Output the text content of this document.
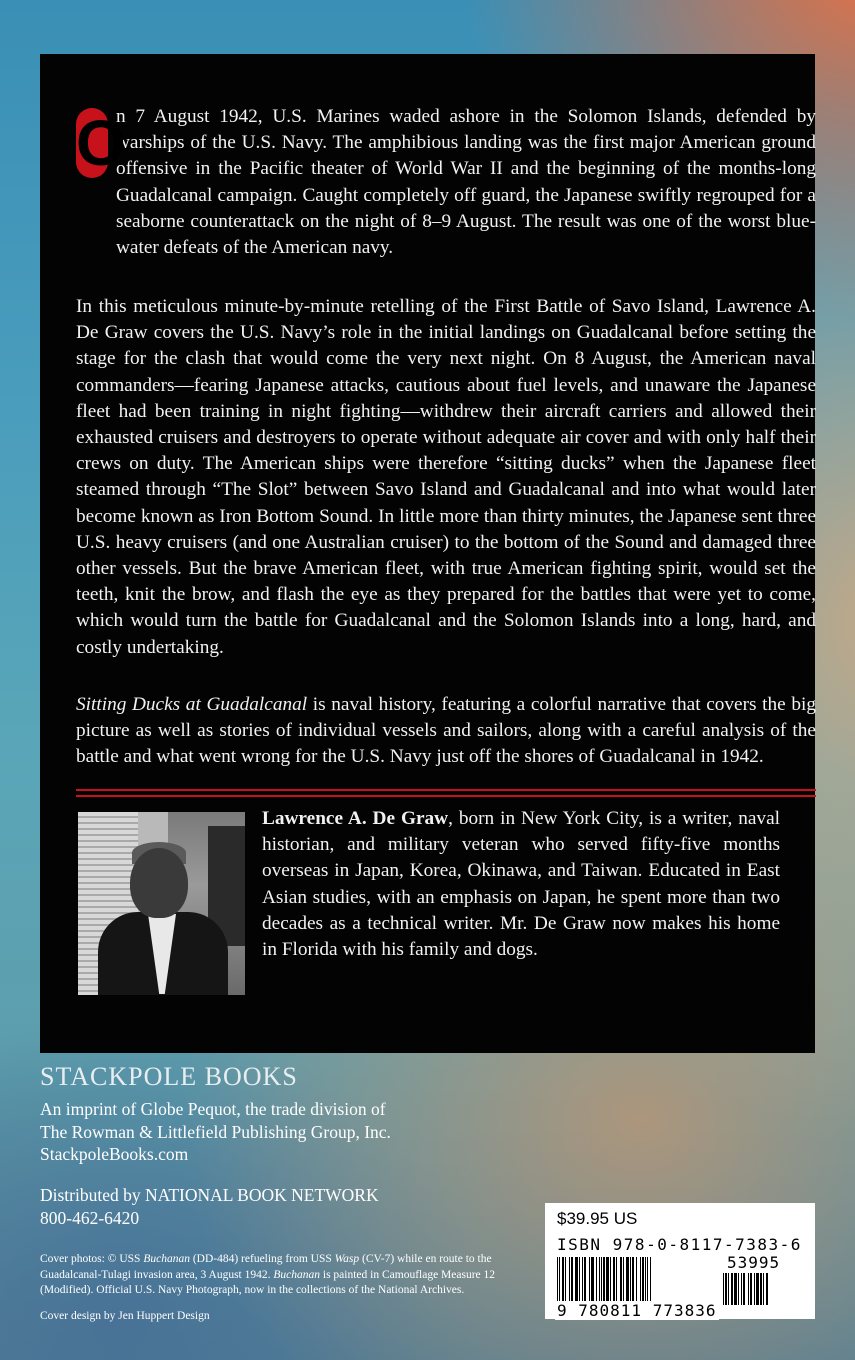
O
n 7 August 1942, U.S. Marines waded ashore in the Solomon Islands, defended by warships of the U.S. Navy. The amphibious landing was the first major American ground offensive in the Pacific theater of World War II and the beginning of the months-long Guadalcanal campaign. Caught completely off guard, the Japanese swiftly regrouped for a seaborne counterattack on the night of 8–9 August. The result was one of the worst blue-water defeats of the American navy.
In this meticulous minute-by-minute retelling of the First Battle of Savo Island, Lawrence A. De Graw covers the U.S. Navy’s role in the initial landings on Guadalcanal before setting the stage for the clash that would come the very next night. On 8 August, the American naval commanders—fearing Japanese attacks, cautious about fuel levels, and unaware the Japanese fleet had been training in night fighting—withdrew their aircraft carriers and allowed their exhausted cruisers and destroyers to operate without adequate air cover and with only half their crews on duty. The American ships were therefore “sitting ducks” when the Japanese fleet steamed through “The Slot” between Savo Island and Guadalcanal and into what would later become known as Iron Bottom Sound. In little more than thirty minutes, the Japanese sent three U.S. heavy cruisers (and one Australian cruiser) to the bottom of the Sound and damaged three other vessels. But the brave American fleet, with true American fighting spirit, would set the teeth, knit the brow, and flash the eye as they prepared for the battles that were yet to come, which would turn the battle for Guadalcanal and the Solomon Islands into a long, hard, and costly undertaking.
Sitting Ducks at Guadalcanal is naval history, featuring a colorful narrative that covers the big picture as well as stories of individual vessels and sailors, along with a careful analysis of the battle and what went wrong for the U.S. Navy just off the shores of Guadalcanal in 1942.
Lawrence A. De Graw, born in New York City, is a writer, naval historian, and military veteran who served fifty-five months overseas in Japan, Korea, Okinawa, and Taiwan. Educated in East Asian studies, with an emphasis on Japan, he spent more than two decades as a technical writer. Mr. De Graw now makes his home in Florida with his family and dogs.
STACKPOLE BOOKS
An imprint of Globe Pequot, the trade division of
The Rowman & Littlefield Publishing Group, Inc.
StackpoleBooks.com
Distributed by NATIONAL BOOK NETWORK
800-462-6420
Cover photos: © USS Buchanan (DD-484) refueling from USS Wasp (CV-7) while en route to the Guadalcanal-Tulagi invasion area, 3 August 1942. Buchanan is painted in Camouflage Measure 12 (Modified). Official U.S. Navy Photograph, now in the collections of the National Archives.
Cover design by Jen Huppert Design
$39.95 US
ISBN 978-0-8117-7383-6
53995
9 780811 773836
